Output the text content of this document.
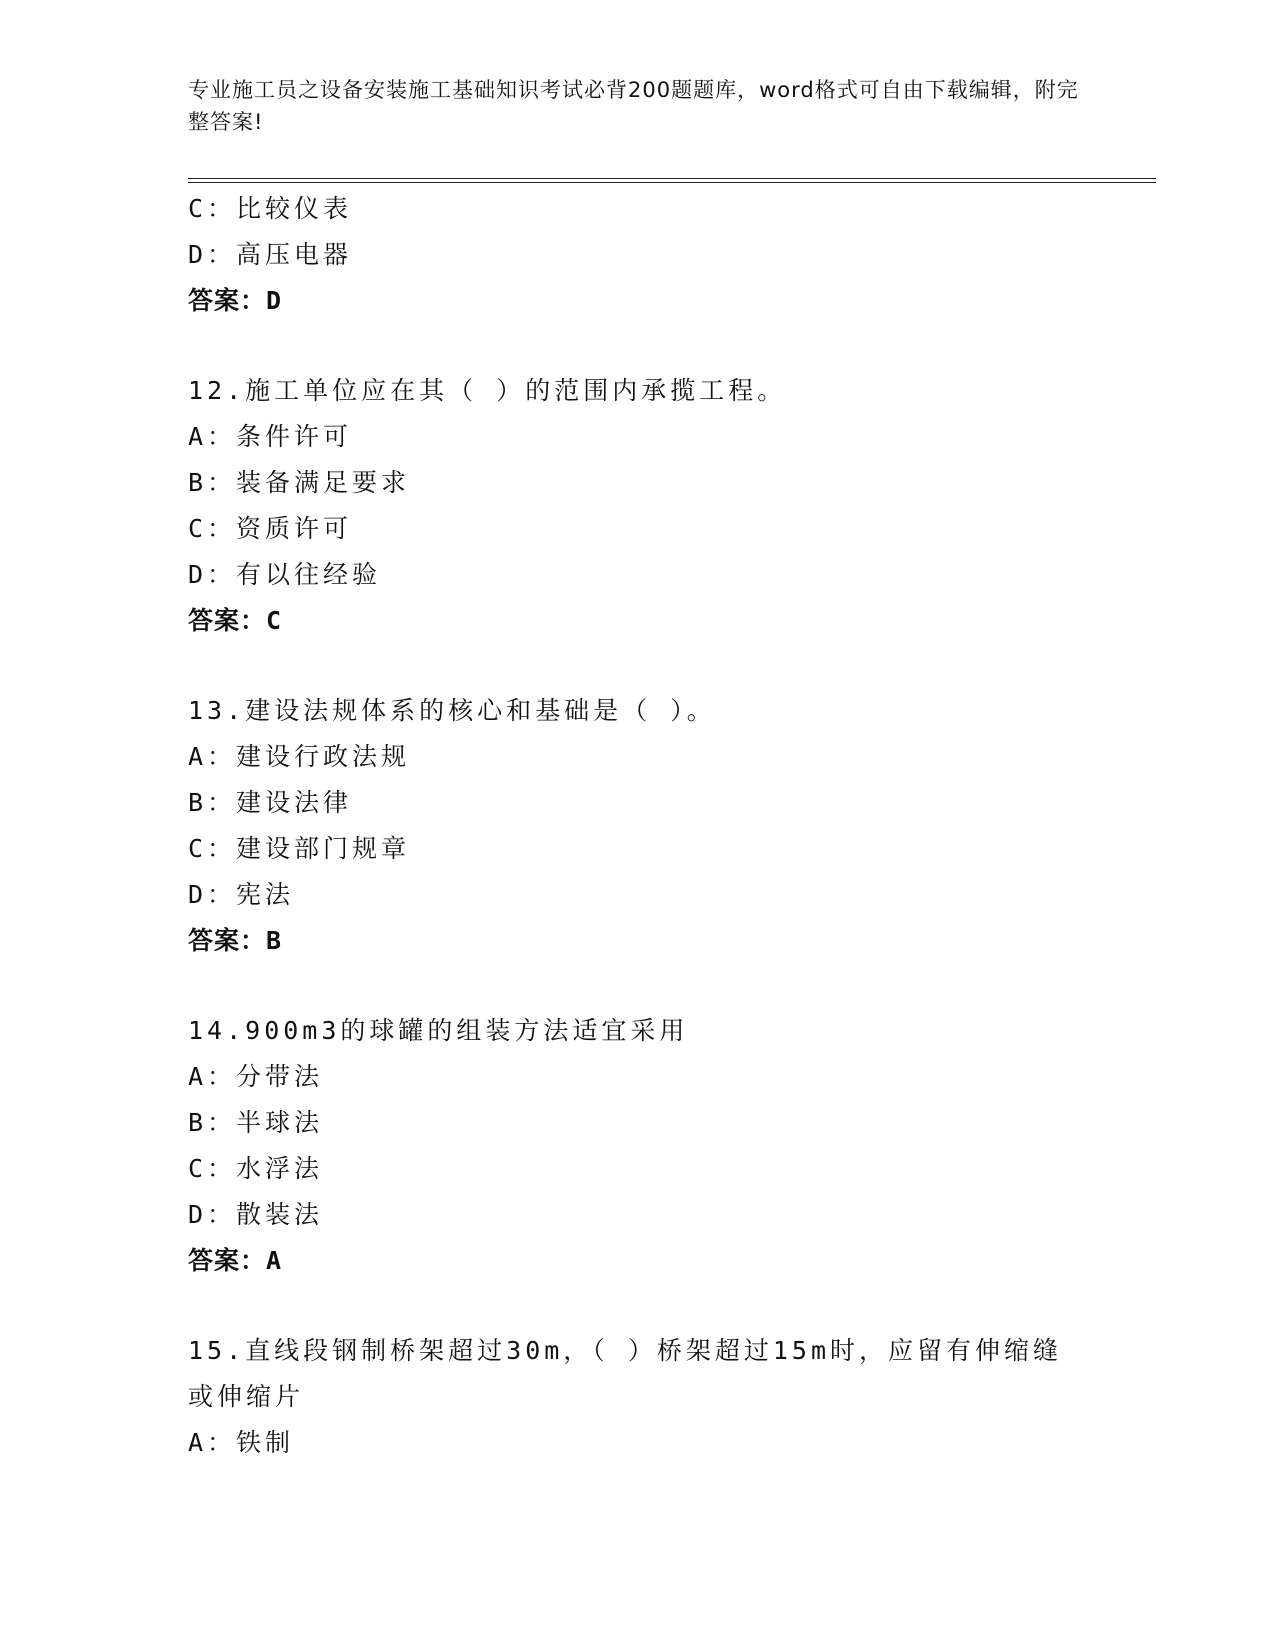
专业施工员之设备安装施工基础知识考试必背200题题库，word格式可自由下载编辑，附完整答案!
C：比较仪表
D：高压电器
答案：D
12.施工单位应在其（ ）的范围内承揽工程。
A：条件许可
B：装备满足要求
C：资质许可
D：有以往经验
答案：C
13.建设法规体系的核心和基础是（ ）。
A：建设行政法规
B：建设法律
C：建设部门规章
D：宪法
答案：B
14.900m3的球罐的组装方法适宜采用
A：分带法
B：半球法
C：水浮法
D：散装法
答案：A
15.直线段钢制桥架超过30m，（ ）桥架超过15m时，应留有伸缩缝或伸缩片
A：铁制
